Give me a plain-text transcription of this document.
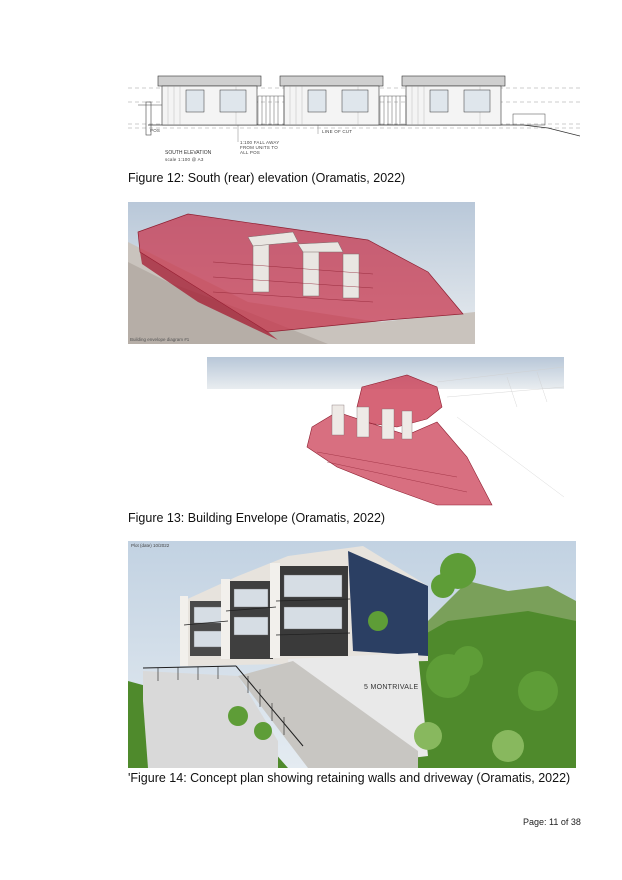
POS
1:100 FALL AWAY FROM UNITS TO ALL POS
LINE OF CUT
SOUTH ELEVATION
scale 1:100 @ A3
Figure 12: South (rear) elevation (Oramatis, 2022)
Building envelope diagram #1
Figure 13: Building Envelope (Oramatis, 2022)
Plot (date) 10/2022
5 MONTRIVALE
'Figure 14: Concept plan showing retaining walls and driveway (Oramatis, 2022)
Page: 11 of 38
